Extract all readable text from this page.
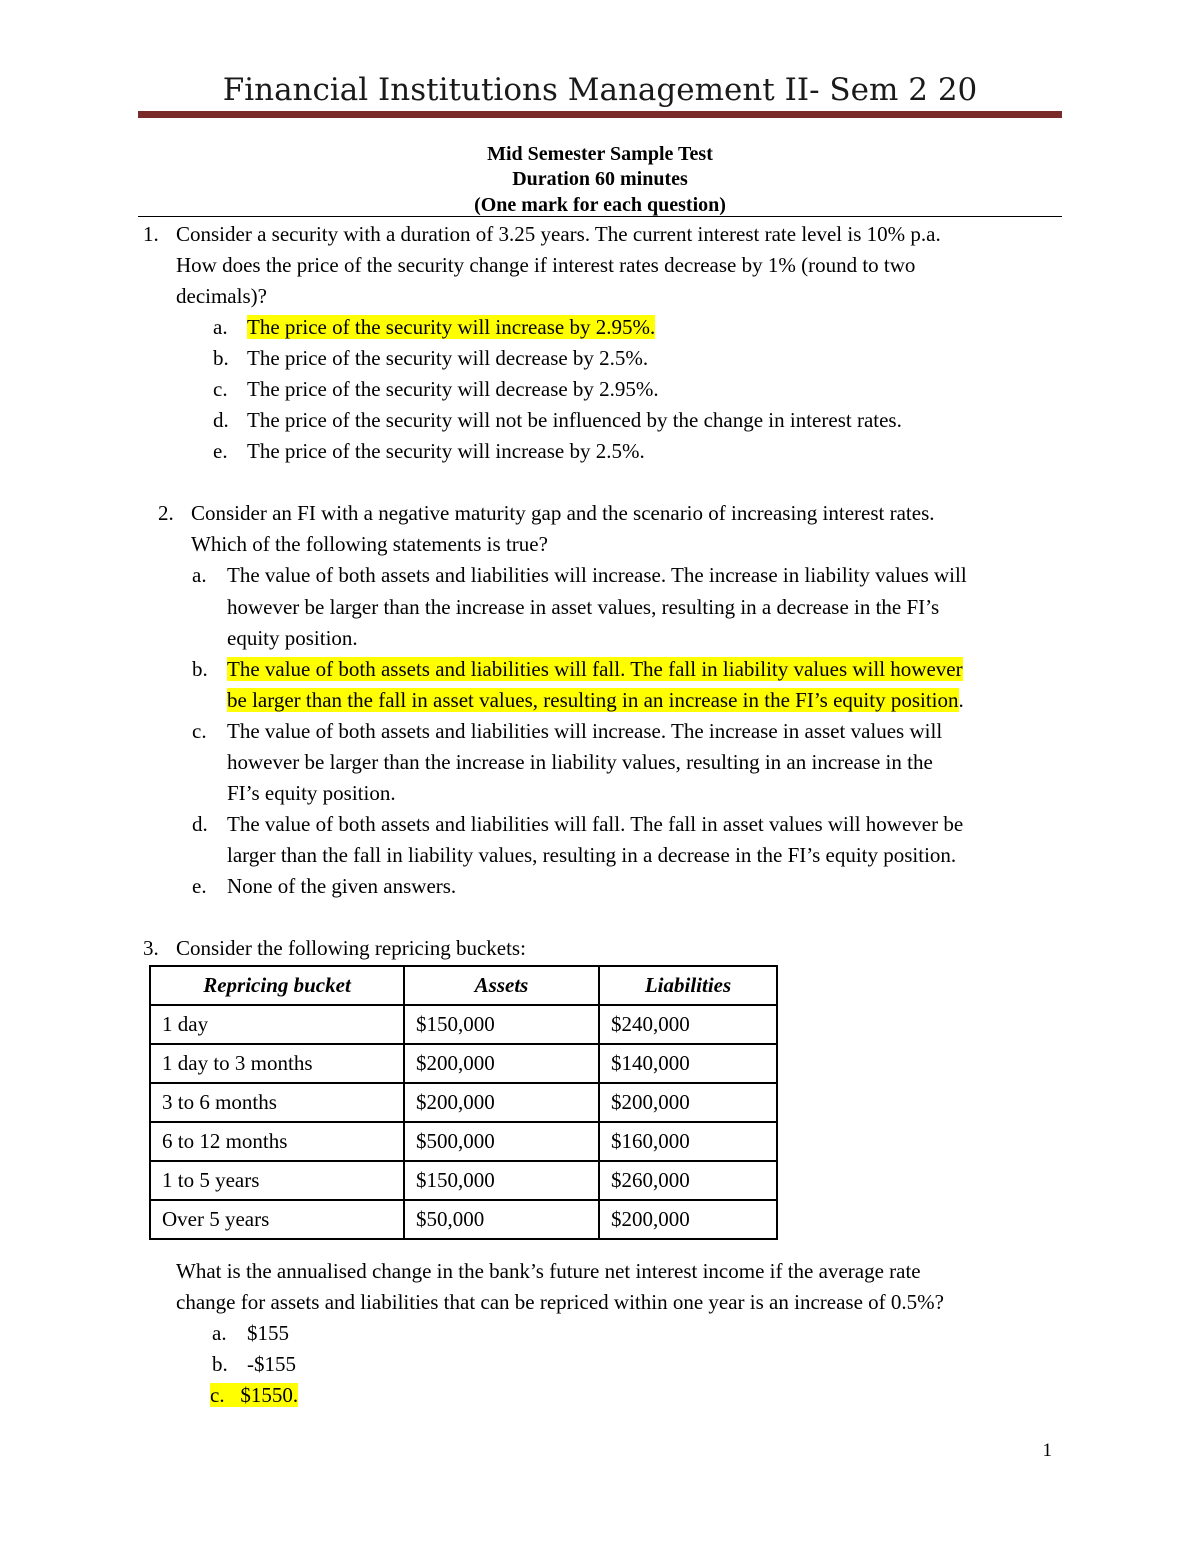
Financial Institutions Management II- Sem 2 20
Mid Semester Sample Test
Duration 60 minutes
(One mark for each question)
1. Consider a security with a duration of 3.25 years. The current interest rate level is 10% p.a.
How does the price of the security change if interest rates decrease by 1% (round to two
decimals)?
a. The price of the security will increase by 2.95%.
b. The price of the security will decrease by 2.5%.
c. The price of the security will decrease by 2.95%.
d. The price of the security will not be influenced by the change in interest rates.
e. The price of the security will increase by 2.5%.
2. Consider an FI with a negative maturity gap and the scenario of increasing interest rates.
Which of the following statements is true?
a. The value of both assets and liabilities will increase. The increase in liability values will
however be larger than the increase in asset values, resulting in a decrease in the FI’s
equity position.
b. The value of both assets and liabilities will fall. The fall in liability values will however
be larger than the fall in asset values, resulting in an increase in the FI’s equity position.
c. The value of both assets and liabilities will increase. The increase in asset values will
however be larger than the increase in liability values, resulting in an increase in the
FI’s equity position.
d. The value of both assets and liabilities will fall. The fall in asset values will however be
larger than the fall in liability values, resulting in a decrease in the FI’s equity position.
e. None of the given answers.
3. Consider the following repricing buckets:
Repricing bucket	Assets	Liabilities
1 day	$150,000	$240,000
1 day to 3 months	$200,000	$140,000
3 to 6 months	$200,000	$200,000
6 to 12 months	$500,000	$160,000
1 to 5 years	$150,000	$260,000
Over 5 years	$50,000	$200,000
What is the annualised change in the bank’s future net interest income if the average rate
change for assets and liabilities that can be repriced within one year is an increase of 0.5%?
a. $155
b. -$155
c. $1550.
1
